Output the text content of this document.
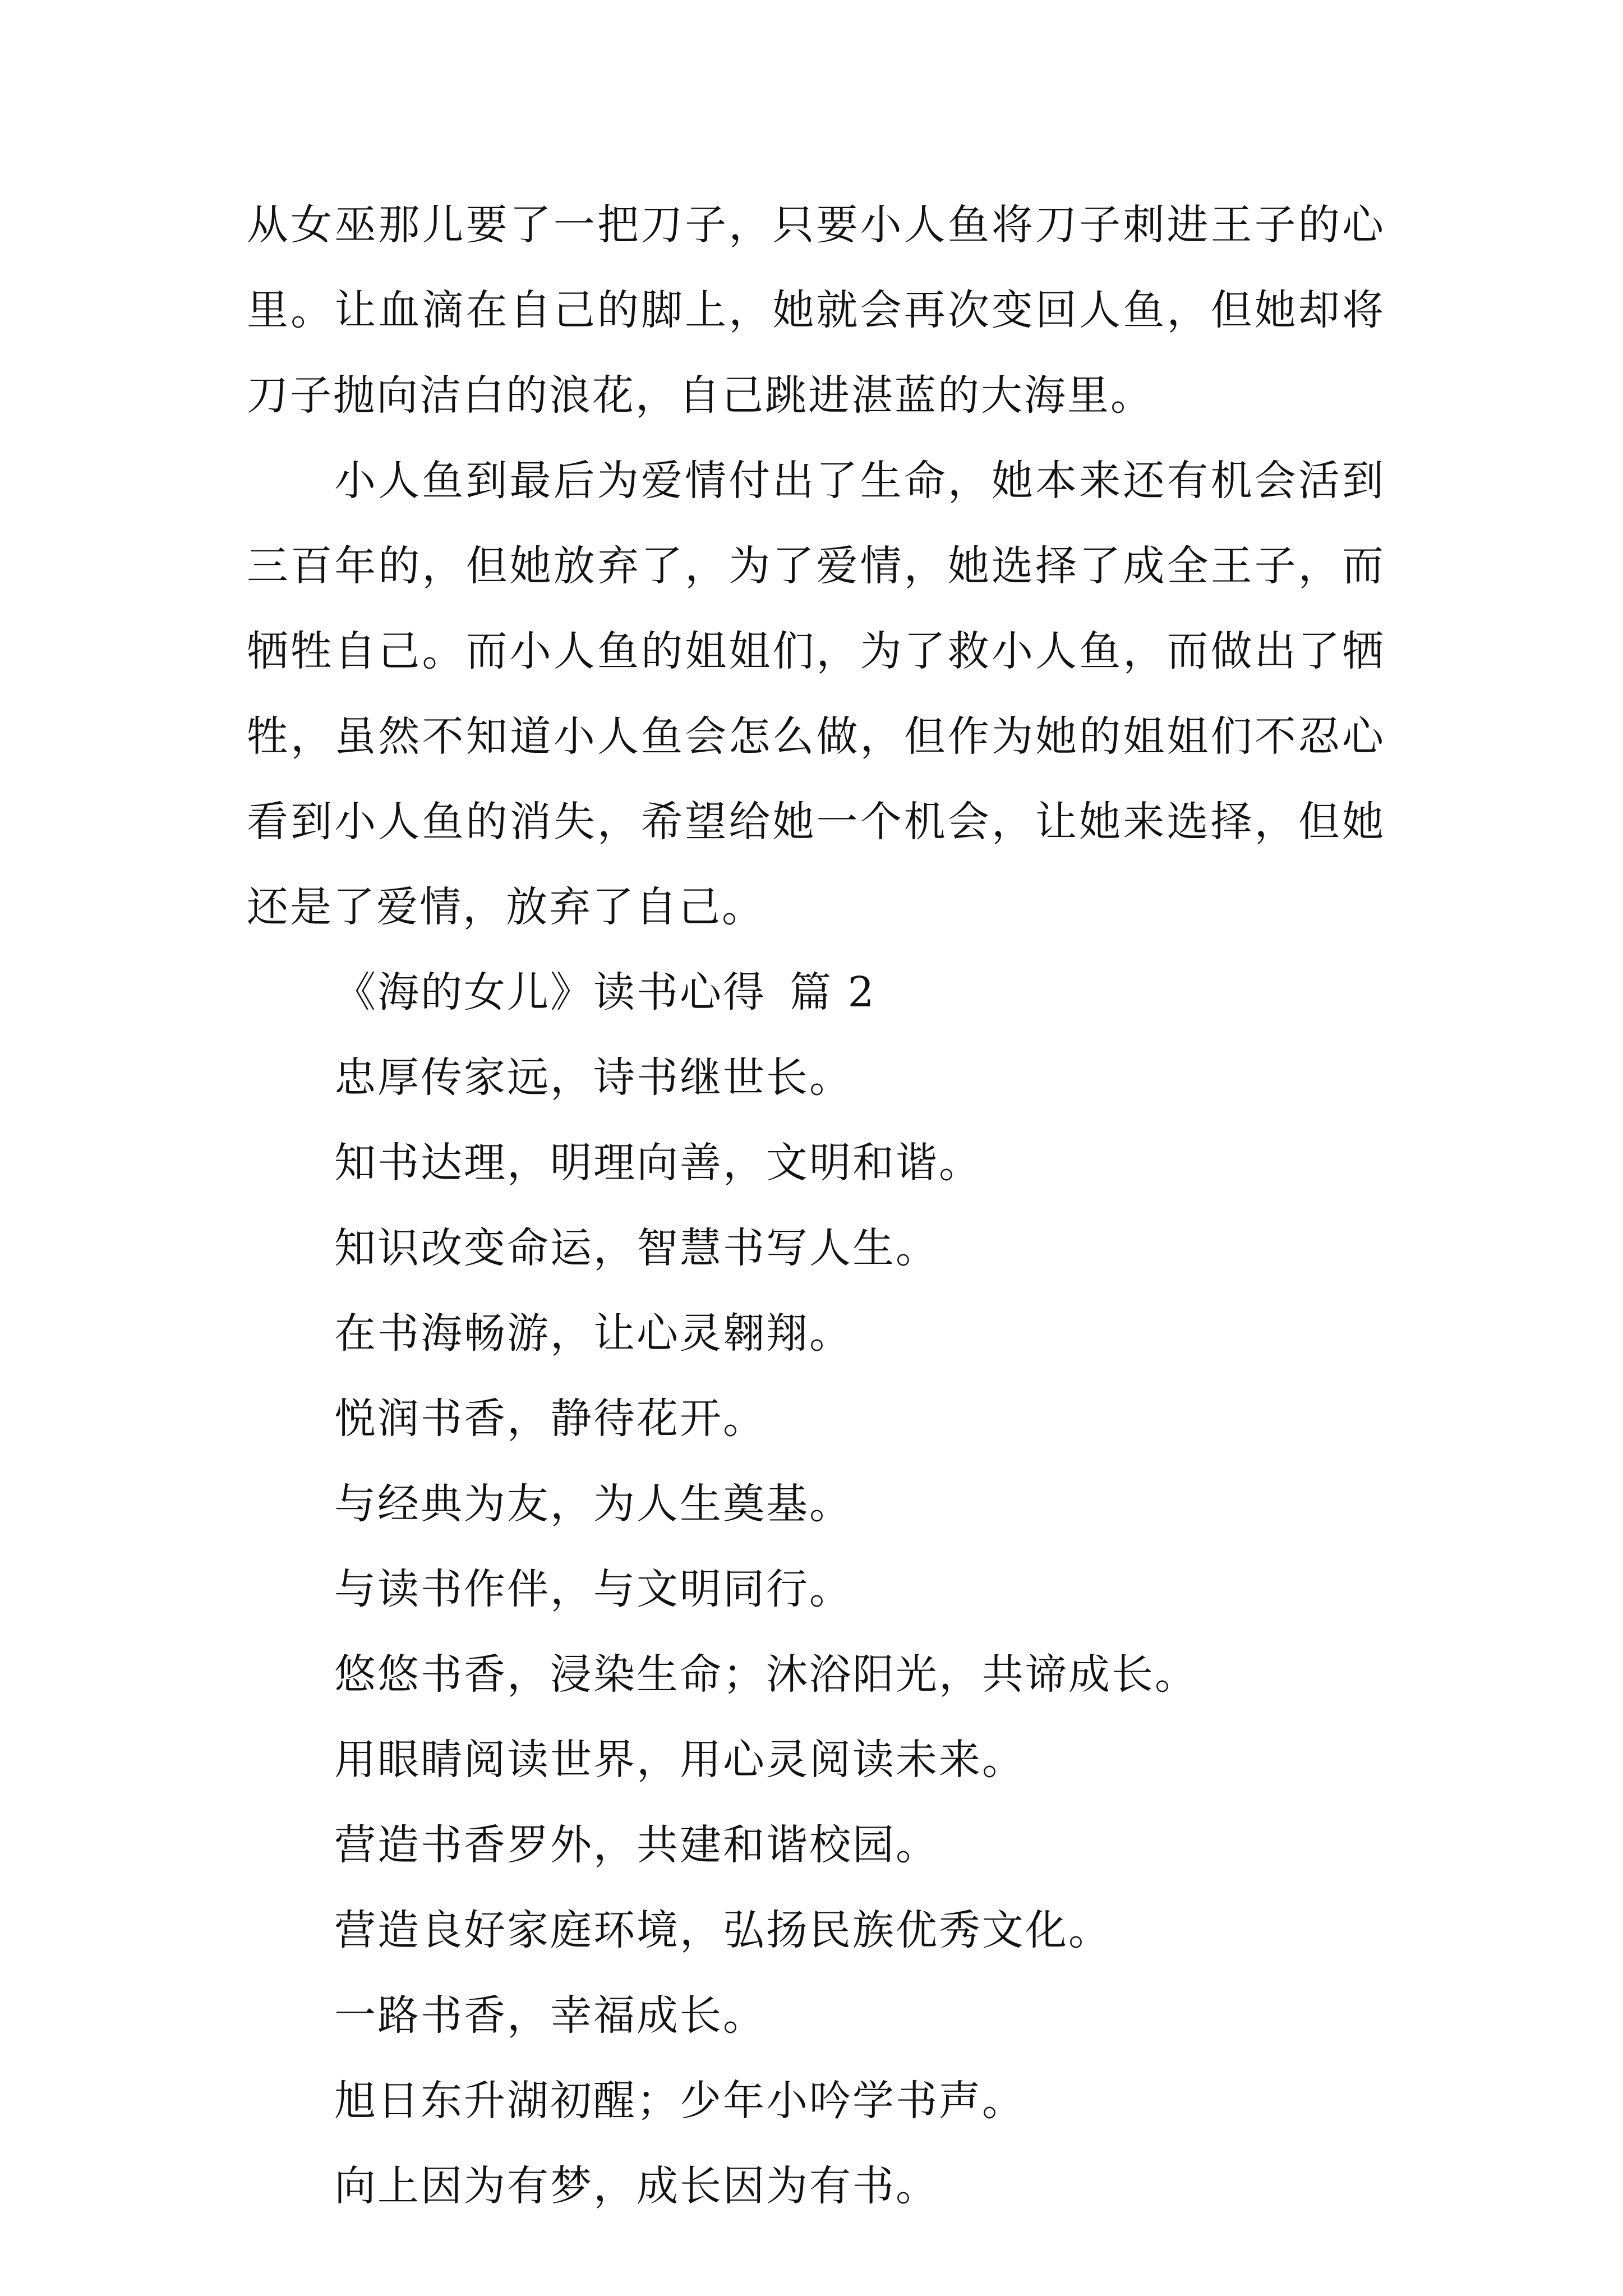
从女巫那儿要了一把刀子，只要小人鱼将刀子刺进王子的心里。让血滴在自己的脚上，她就会再次变回人鱼，但她却将刀子抛向洁白的浪花，自己跳进湛蓝的大海里。

小人鱼到最后为爱情付出了生命，她本来还有机会活到三百年的，但她放弃了，为了爱情，她选择了成全王子，而牺牲自己。而小人鱼的姐姐们，为了救小人鱼，而做出了牺牲，虽然不知道小人鱼会怎么做，但作为她的姐姐们不忍心看到小人鱼的消失，希望给她一个机会，让她来选择，但她还是了爱情，放弃了自己。

《海的女儿》读书心得 篇 2

忠厚传家远，诗书继世长。

知书达理，明理向善，文明和谐。

知识改变命运，智慧书写人生。

在书海畅游，让心灵翱翔。

悦润书香，静待花开。

与经典为友，为人生奠基。

与读书作伴，与文明同行。

悠悠书香，浸染生命；沐浴阳光，共谛成长。

用眼睛阅读世界，用心灵阅读未来。

营造书香罗外，共建和谐校园。

营造良好家庭环境，弘扬民族优秀文化。

一路书香，幸福成长。

旭日东升湖初醒；少年小吟学书声。

向上因为有梦，成长因为有书。
